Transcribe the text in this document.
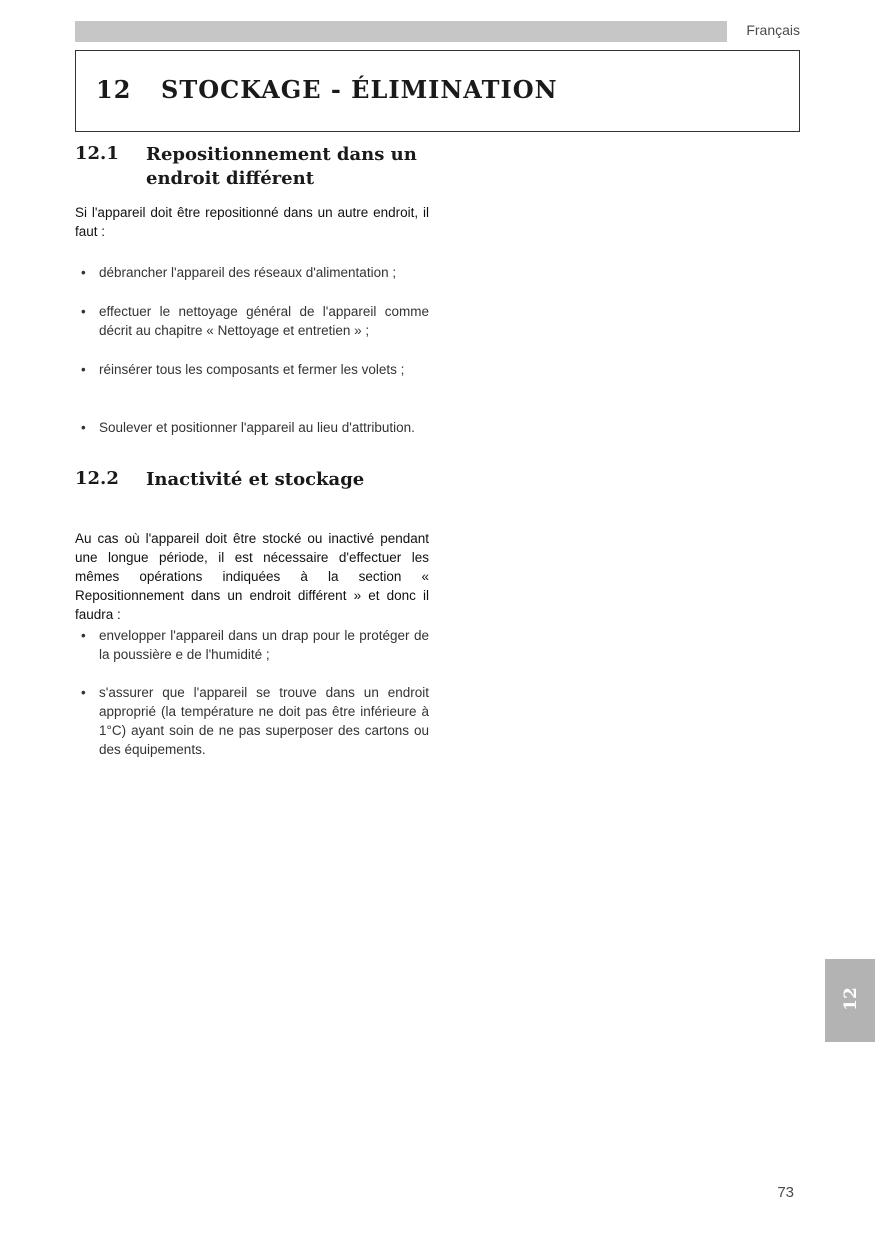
Français
12 STOCKAGE - ÉLIMINATION
12.1 Repositionnement dans un endroit différent
Si l'appareil doit être repositionné dans un autre endroit, il faut :
• débrancher l'appareil des réseaux d'alimentation ;
• effectuer le nettoyage général de l'appareil comme décrit au chapitre « Nettoyage et entretien » ;
• réinsérer tous les composants et fermer les volets ;
• Soulever et positionner l'appareil au lieu d'attribution.
12.2 Inactivité et stockage
Au cas où l'appareil doit être stocké ou inactivé pendant une longue période, il est nécessaire d'effectuer les mêmes opérations indiquées à la section « Repositionnement dans un endroit différent » et donc il faudra :
• envelopper l'appareil dans un drap pour le protéger de la poussière e de l'humidité ;
• s'assurer que l'appareil se trouve dans un endroit approprié (la température ne doit pas être inférieure à 1°C) ayant soin de ne pas superposer des cartons ou des équipements.
12
73
